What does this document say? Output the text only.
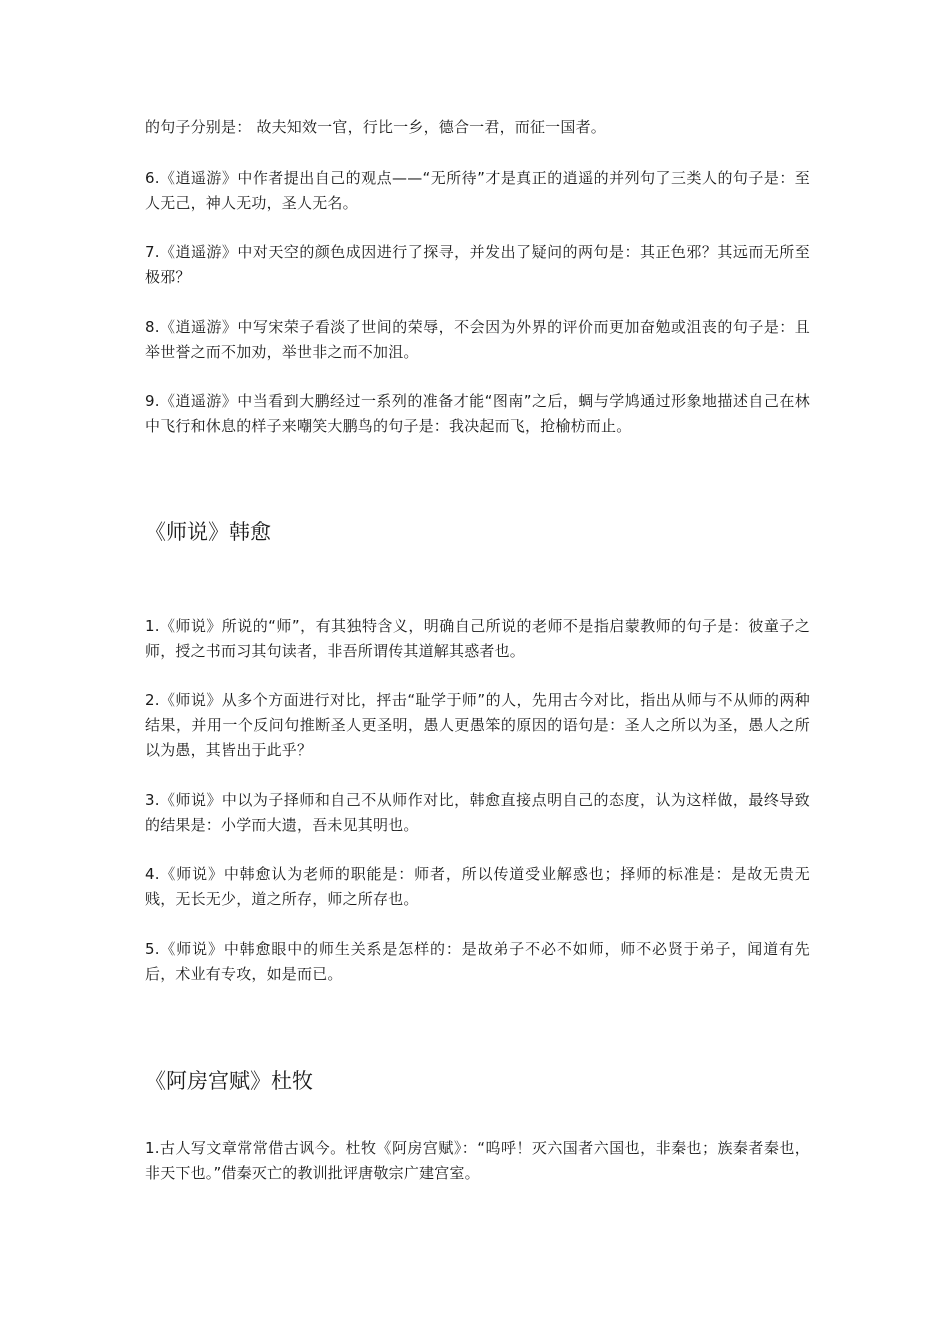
的句子分别是： 故夫知效一官，行比一乡，德合一君，而征一国者。

6.《逍遥游》中作者提出自己的观点——“无所待”才是真正的逍遥的并列句了三类人的句子是：至人无己，神人无功，圣人无名。

7.《逍遥游》中对天空的颜色成因进行了探寻，并发出了疑问的两句是：其正色邪？其远而无所至极邪？

8.《逍遥游》中写宋荣子看淡了世间的荣辱，不会因为外界的评价而更加奋勉或沮丧的句子是：且举世誉之而不加劝，举世非之而不加沮。

9.《逍遥游》中当看到大鹏经过一系列的准备才能“图南”之后，蜩与学鸠通过形象地描述自己在林中飞行和休息的样子来嘲笑大鹏鸟的句子是：我决起而飞，抢榆枋而止。

《师说》韩愈

1.《师说》所说的“师”，有其独特含义，明确自己所说的老师不是指启蒙教师的句子是：彼童子之师，授之书而习其句读者，非吾所谓传其道解其惑者也。

2.《师说》从多个方面进行对比，抨击“耻学于师”的人，先用古今对比，指出从师与不从师的两种结果，并用一个反问句推断圣人更圣明，愚人更愚笨的原因的语句是：圣人之所以为圣，愚人之所以为愚，其皆出于此乎？

3.《师说》中以为子择师和自己不从师作对比，韩愈直接点明自己的态度，认为这样做，最终导致的结果是：小学而大遗，吾未见其明也。

4.《师说》中韩愈认为老师的职能是：师者，所以传道受业解惑也；择师的标准是：是故无贵无贱，无长无少，道之所存，师之所存也。

5.《师说》中韩愈眼中的师生关系是怎样的：是故弟子不必不如师，师不必贤于弟子，闻道有先后，术业有专攻，如是而已。

《阿房宫赋》杜牧

1.古人写文章常常借古讽今。杜牧《阿房宫赋》：“呜呼！灭六国者六国也，非秦也；族秦者秦也，非天下也。”借秦灭亡的教训批评唐敬宗广建宫室。
